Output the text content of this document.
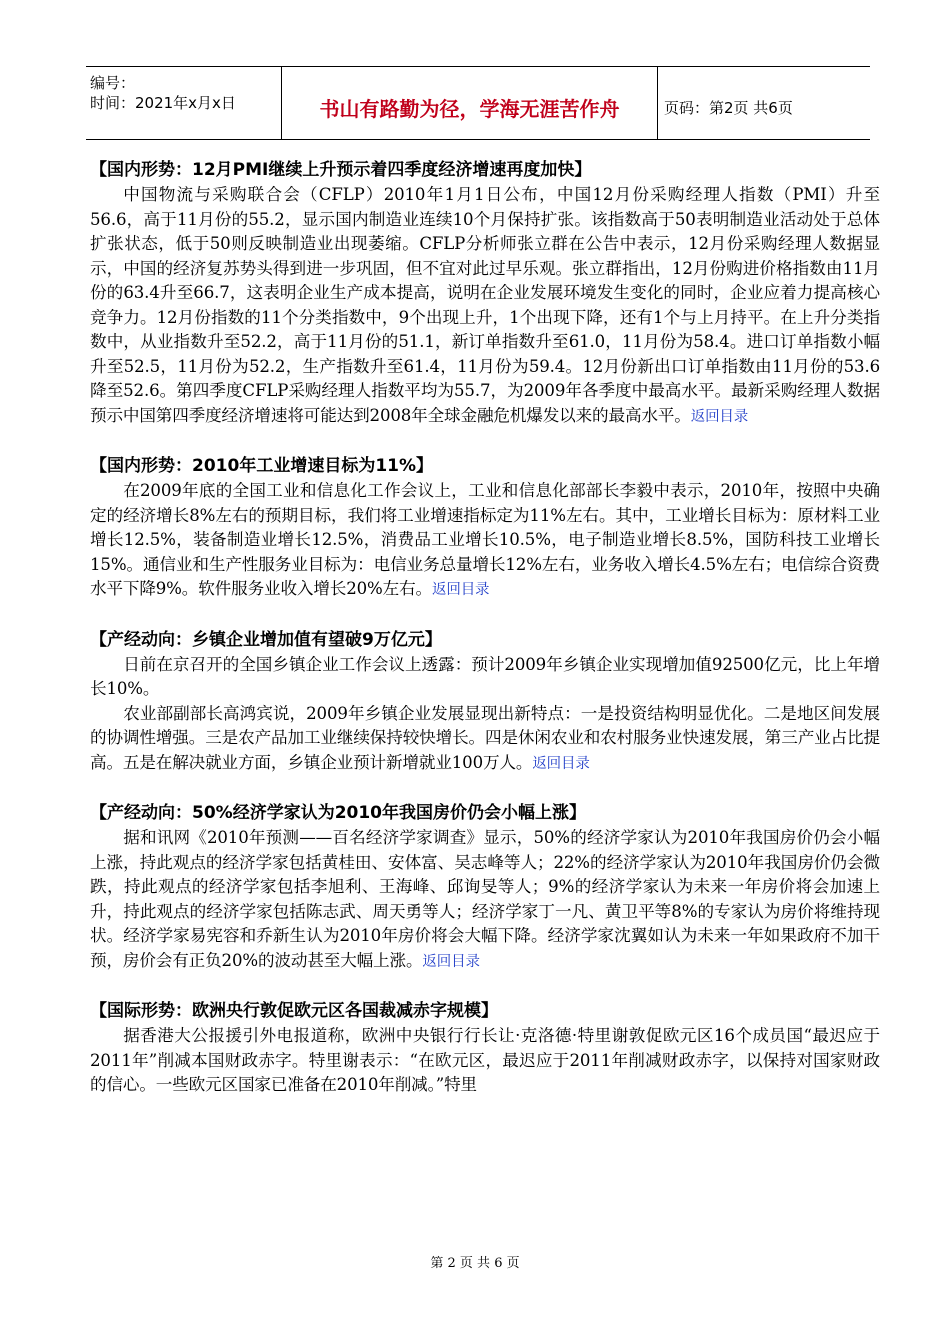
编号：
时间：2021年x月x日	书山有路勤为径，学海无涯苦作舟	页码：第2页 共6页

【国内形势：12月PMI继续上升预示着四季度经济增速再度加快】

中国物流与采购联合会（CFLP）2010年1月1日公布，中国12月份采购经理人指数（PMI）升至56.6，高于11月份的55.2，显示国内制造业连续10个月保持扩张。该指数高于50表明制造业活动处于总体扩张状态，低于50则反映制造业出现萎缩。CFLP分析师张立群在公告中表示，12月份采购经理人数据显示，中国的经济复苏势头得到进一步巩固，但不宜对此过早乐观。张立群指出，12月份购进价格指数由11月份的63.4升至66.7，这表明企业生产成本提高，说明在企业发展环境发生变化的同时，企业应着力提高核心竞争力。12月份指数的11个分类指数中，9个出现上升，1个出现下降，还有1个与上月持平。在上升分类指数中，从业指数升至52.2，高于11月份的51.1，新订单指数升至61.0，11月份为58.4。进口订单指数小幅升至52.5，11月份为52.2，生产指数升至61.4，11月份为59.4。12月份新出口订单指数由11月份的53.6降至52.6。第四季度CFLP采购经理人指数平均为55.7，为2009年各季度中最高水平。最新采购经理人数据预示中国第四季度经济增速将可能达到2008年全球金融危机爆发以来的最高水平。返回目录

【国内形势：2010年工业增速目标为11%】

在2009年底的全国工业和信息化工作会议上，工业和信息化部部长李毅中表示，2010年，按照中央确定的经济增长8%左右的预期目标，我们将工业增速指标定为11%左右。其中，工业增长目标为：原材料工业增长12.5%，装备制造业增长12.5%，消费品工业增长10.5%，电子制造业增长8.5%，国防科技工业增长15%。通信业和生产性服务业目标为：电信业务总量增长12%左右，业务收入增长4.5%左右；电信综合资费水平下降9%。软件服务业收入增长20%左右。返回目录

【产经动向：乡镇企业增加值有望破9万亿元】

日前在京召开的全国乡镇企业工作会议上透露：预计2009年乡镇企业实现增加值92500亿元，比上年增长10%。

农业部副部长高鸿宾说，2009年乡镇企业发展显现出新特点：一是投资结构明显优化。二是地区间发展的协调性增强。三是农产品加工业继续保持较快增长。四是休闲农业和农村服务业快速发展，第三产业占比提高。五是在解决就业方面，乡镇企业预计新增就业100万人。返回目录

【产经动向：50%经济学家认为2010年我国房价仍会小幅上涨】

据和讯网《2010年预测——百名经济学家调查》显示，50%的经济学家认为2010年我国房价仍会小幅上涨，持此观点的经济学家包括黄桂田、安体富、吴志峰等人；22%的经济学家认为2010年我国房价仍会微跌，持此观点的经济学家包括李旭利、王海峰、邱询旻等人；9%的经济学家认为未来一年房价将会加速上升，持此观点的经济学家包括陈志武、周天勇等人；经济学家丁一凡、黄卫平等8%的专家认为房价将维持现状。经济学家易宪容和乔新生认为2010年房价将会大幅下降。经济学家沈翼如认为未来一年如果政府不加干预，房价会有正负20%的波动甚至大幅上涨。返回目录

【国际形势：欧洲央行敦促欧元区各国裁减赤字规模】

据香港大公报援引外电报道称，欧洲中央银行行长让·克洛德·特里谢敦促欧元区16个成员国“最迟应于2011年”削减本国财政赤字。特里谢表示：“在欧元区，最迟应于2011年削减财政赤字，以保持对国家财政的信心。一些欧元区国家已准备在2010年削减。”特里

第 2 页 共 6 页
